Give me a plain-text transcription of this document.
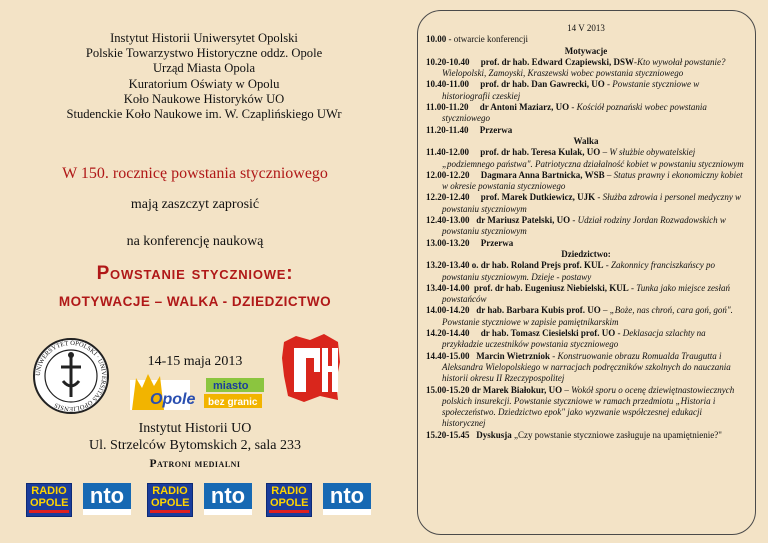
Instytut Historii Uniwersytet Opolski
Polskie Towarzystwo Historyczne oddz. Opole
Urząd Miasta Opola
Kuratorium Oświaty w Opolu
Koło Naukowe Historyków UO
Studenckie Koło Naukowe im. W. Czaplińskiego UWr
W 150. rocznicę powstania styczniowego
mają zaszczyt zaprosić
na konferencję naukową
Powstanie styczniowe:
MOTYWACJE – WALKA - DZIEDZICTWO
UNIWERSYTET OPOLSKI · UNIVERSITAS OPOLIENSIS
14-15 maja 2013
Opole
miasto
bez granic
PTH
Instytut Historii UO
Ul. Strzelców Bytomskich 2, sala 233
Patroni medialni
RADIO
OPOLE nto	RADIO
OPOLE nto	RADIO
OPOLE nto
14 V 2013
10.00 - otwarcie konferencji
Motywacje
10.20-10.40 prof. dr hab. Edward Czapiewski, DSW-Kto wywołał powstanie? Wielopolski, Zamoyski, Kraszewski wobec powstania styczniowego
10.40-11.00 prof. dr hab. Dan Gawrecki, UO - Powstanie styczniowe w historiografii czeskiej
11.00-11.20 dr Antoni Maziarz, UO - Kościół poznański wobec powstania styczniowego
11.20-11.40 Przerwa
Walka
11.40-12.00 prof. dr hab. Teresa Kulak, UO – W służbie obywatelskiej „podziemnego państwa". Patriotyczna działalność kobiet w powstaniu styczniowym
12.00-12.20 Dagmara Anna Bartnicka, WSB – Status prawny i ekonomiczny kobiet w okresie powstania styczniowego
12.20-12.40 prof. Marek Dutkiewicz, UJK - Służba zdrowia i personel medyczny w powstaniu styczniowym
12.40-13.00 dr Mariusz Patelski, UO - Udział rodziny Jordan Rozwadowskich w powstaniu styczniowym
13.00-13.20 Przerwa
Dziedzictwo:
13.20-13.40 o. dr hab. Roland Prejs prof. KUL - Zakonnicy franciszkańscy po powstaniu styczniowym. Dzieje - postawy
13.40-14.00 prof. dr hab. Eugeniusz Niebielski, KUL - Tunka jako miejsce zesłań powstańców
14.00-14.20 dr hab. Barbara Kubis prof. UO – „Boże, nas chroń, cara goń, goń". Powstanie styczniowe w zapisie pamiętnikarskim
14.20-14.40 dr hab. Tomasz Ciesielski prof. UO - Deklasacja szlachty na przykładzie uczestników powstania styczniowego
14.40-15.00 Marcin Wietrzniok - Konstruowanie obrazu Romualda Traugutta i Aleksandra Wielopolskiego w narracjach podręczników szkolnych do nauczania historii okresu II Rzeczypospolitej
15.00-15.20 dr Marek Białokur, UO – Wokół sporu o ocenę dziewiętnastowiecznych polskich insurekcji. Powstanie styczniowe w ramach przedmiotu „Historia i społeczeństwo. Dziedzictwo epok" jako wyzwanie współczesnej edukacji historycznej
15.20-15.45 Dyskusja „Czy powstanie styczniowe zasługuje na upamiętnienie?"
